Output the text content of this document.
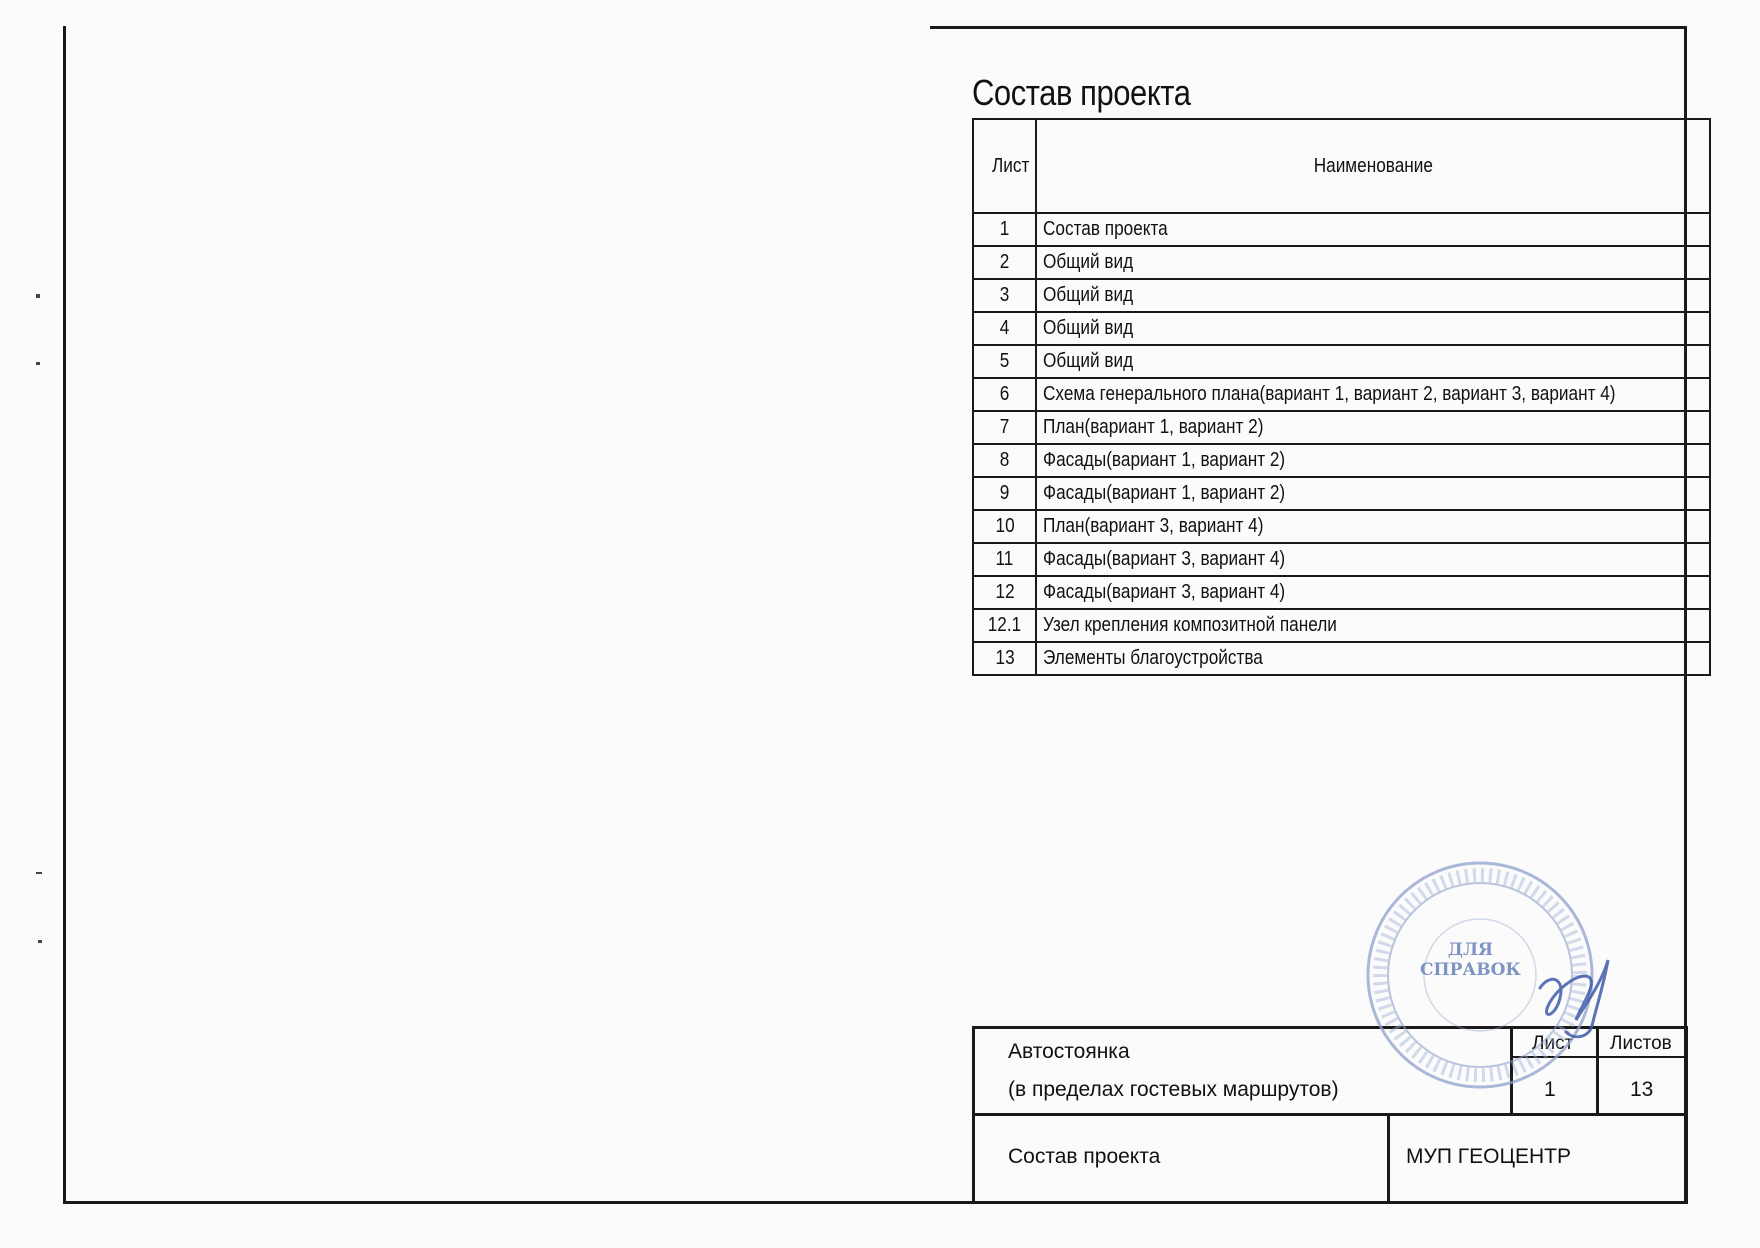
Состав проекта
Лист	Наименование
1	Состав проекта
2	Общий вид
3	Общий вид
4	Общий вид
5	Общий вид
6	Схема генерального плана(вариант 1, вариант 2, вариант 3, вариант 4)
7	План(вариант 1, вариант 2)
8	Фасады(вариант 1, вариант 2)
9	Фасады(вариант 1, вариант 2)
10	План(вариант 3, вариант 4)
11	Фасады(вариант 3, вариант 4)
12	Фасады(вариант 3, вариант 4)
12.1	Узел крепления композитной панели
13	Элементы благоустройства
Автостоянка
(в пределах гостевых маршрутов)
Лист Листов
1	13
Состав проекта	МУП ГЕОЦЕНТР
ДЛЯ
СПРАВОК
